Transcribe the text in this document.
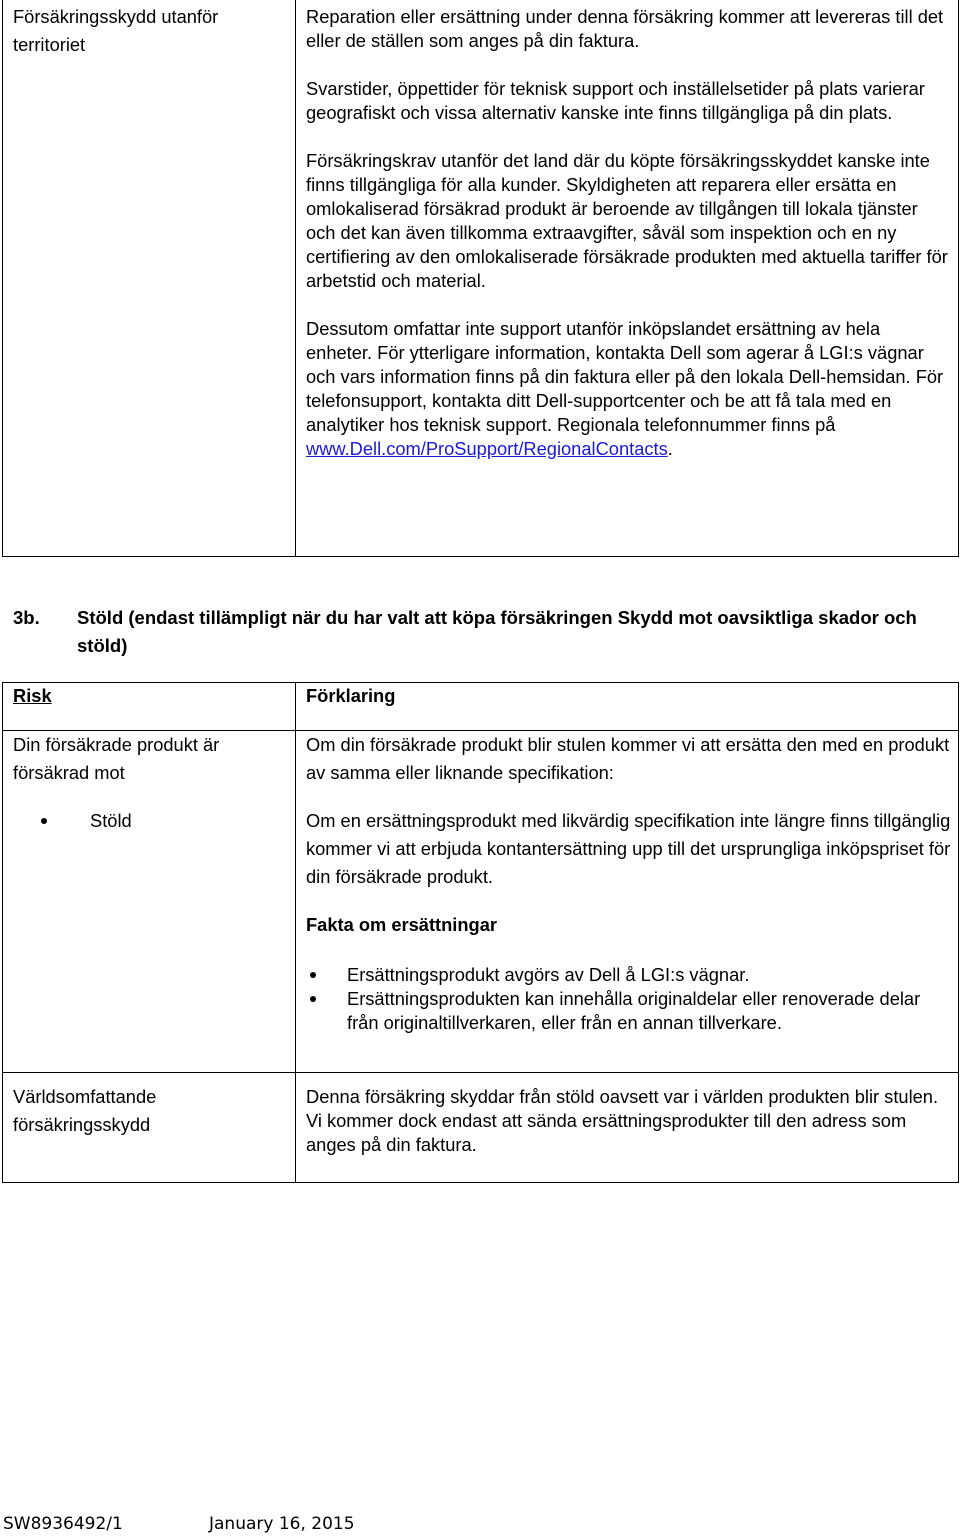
Försäkringsskydd utanför territoriet

Reparation eller ersättning under denna försäkring kommer att levereras till det eller de ställen som anges på din faktura.

Svarstider, öppettider för teknisk support och inställelsetider på plats varierar geografiskt och vissa alternativ kanske inte finns tillgängliga på din plats.

Försäkringskrav utanför det land där du köpte försäkringsskyddet kanske inte finns tillgängliga för alla kunder. Skyldigheten att reparera eller ersätta en omlokaliserad försäkrad produkt är beroende av tillgången till lokala tjänster och det kan även tillkomma extraavgifter, såväl som inspektion och en ny certifiering av den omlokaliserade försäkrade produkten med aktuella tariffer för arbetstid och material.

Dessutom omfattar inte support utanför inköpslandet ersättning av hela enheter. För ytterligare information, kontakta Dell som agerar å LGI:s vägnar och vars information finns på din faktura eller på den lokala Dell-hemsidan. För telefonsupport, kontakta ditt Dell-supportcenter och be att få tala med en analytiker hos teknisk support. Regionala telefonnummer finns på www.Dell.com/ProSupport/RegionalContacts.

3b. Stöld (endast tillämpligt när du har valt att köpa försäkringen Skydd mot oavsiktliga skador och stöld)

Risk	Förklaring

Din försäkrade produkt är försäkrad mot

Stöld

Om din försäkrade produkt blir stulen kommer vi att ersätta den med en produkt av samma eller liknande specifikation:

Om en ersättningsprodukt med likvärdig specifikation inte längre finns tillgänglig kommer vi att erbjuda kontantersättning upp till det ursprungliga inköpspriset för din försäkrade produkt.

Fakta om ersättningar

Ersättningsprodukt avgörs av Dell å LGI:s vägnar.
Ersättningsprodukten kan innehålla originaldelar eller renoverade delar från originaltillverkaren, eller från en annan tillverkare.

Världsomfattande försäkringsskydd

Denna försäkring skyddar från stöld oavsett var i världen produkten blir stulen. Vi kommer dock endast att sända ersättningsprodukter till den adress som anges på din faktura.

SW8936492/1	January 16, 2015
